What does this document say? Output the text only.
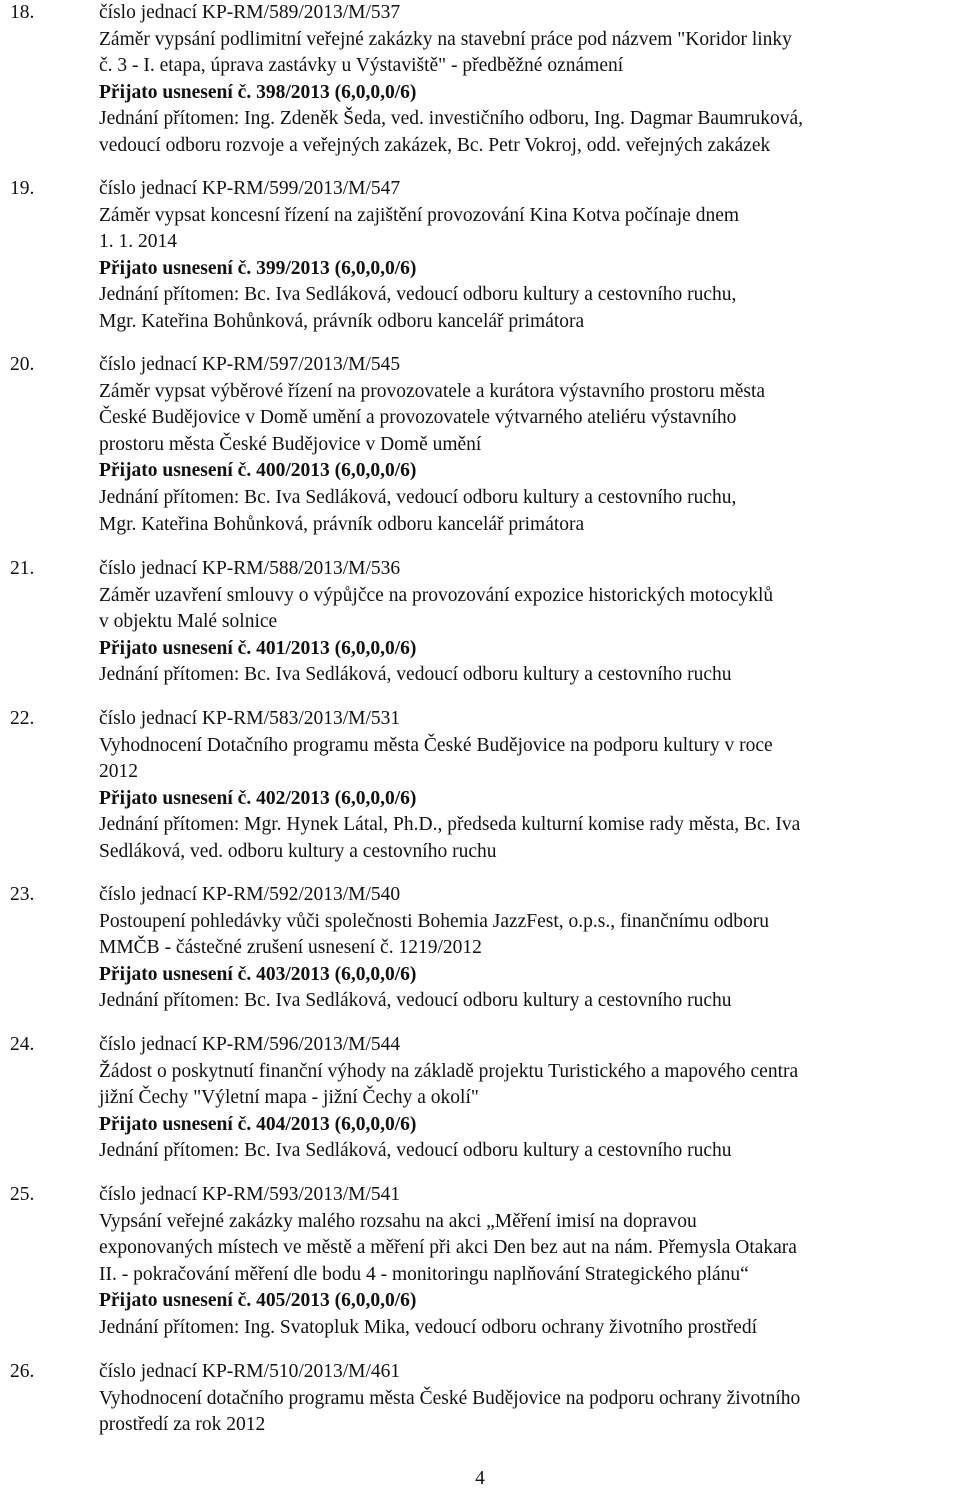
18.	číslo jednací KP-RM/589/2013/M/537
Záměr vypsání podlimitní veřejné zakázky na stavební práce pod názvem "Koridor linky
č. 3 - I. etapa, úprava zastávky u Výstaviště" - předběžné oznámení
Přijato usnesení č. 398/2013 (6,0,0,0/6)
Jednání přítomen: Ing. Zdeněk Šeda, ved. investičního odboru, Ing. Dagmar Baumruková,
vedoucí odboru rozvoje a veřejných zakázek, Bc. Petr Vokroj, odd. veřejných zakázek
19.	číslo jednací KP-RM/599/2013/M/547
Záměr vypsat koncesní řízení na zajištění provozování Kina Kotva počínaje dnem
1. 1. 2014
Přijato usnesení č. 399/2013 (6,0,0,0/6)
Jednání přítomen: Bc. Iva Sedláková, vedoucí odboru kultury a cestovního ruchu,
Mgr. Kateřina Bohůnková, právník odboru kancelář primátora
20.	číslo jednací KP-RM/597/2013/M/545
Záměr vypsat výběrové řízení na provozovatele a kurátora výstavního prostoru města
České Budějovice v Domě umění a provozovatele výtvarného ateliéru výstavního
prostoru města České Budějovice v Domě umění
Přijato usnesení č. 400/2013 (6,0,0,0/6)
Jednání přítomen: Bc. Iva Sedláková, vedoucí odboru kultury a cestovního ruchu,
Mgr. Kateřina Bohůnková, právník odboru kancelář primátora
21.	číslo jednací KP-RM/588/2013/M/536
Záměr uzavření smlouvy o výpůjčce na provozování expozice historických motocyklů
v objektu Malé solnice
Přijato usnesení č. 401/2013 (6,0,0,0/6)
Jednání přítomen: Bc. Iva Sedláková, vedoucí odboru kultury a cestovního ruchu
22.	číslo jednací KP-RM/583/2013/M/531
Vyhodnocení Dotačního programu města České Budějovice na podporu kultury v roce
2012
Přijato usnesení č. 402/2013 (6,0,0,0/6)
Jednání přítomen: Mgr. Hynek Látal, Ph.D., předseda kulturní komise rady města, Bc. Iva
Sedláková, ved. odboru kultury a cestovního ruchu
23.	číslo jednací KP-RM/592/2013/M/540
Postoupení pohledávky vůči společnosti Bohemia JazzFest, o.p.s., finančnímu odboru
MMČB - částečné zrušení usnesení č. 1219/2012
Přijato usnesení č. 403/2013 (6,0,0,0/6)
Jednání přítomen: Bc. Iva Sedláková, vedoucí odboru kultury a cestovního ruchu
24.	číslo jednací KP-RM/596/2013/M/544
Žádost o poskytnutí finanční výhody na základě projektu Turistického a mapového centra
jižní Čechy "Výletní mapa - jižní Čechy a okolí"
Přijato usnesení č. 404/2013 (6,0,0,0/6)
Jednání přítomen: Bc. Iva Sedláková, vedoucí odboru kultury a cestovního ruchu
25.	číslo jednací KP-RM/593/2013/M/541
Vypsání veřejné zakázky malého rozsahu na akci „Měření imisí na dopravou
exponovaných místech ve městě a měření při akci Den bez aut na nám. Přemysla Otakara
II. - pokračování měření dle bodu 4 - monitoringu naplňování Strategického plánu“
Přijato usnesení č. 405/2013 (6,0,0,0/6)
Jednání přítomen: Ing. Svatopluk Mika, vedoucí odboru ochrany životního prostředí
26.	číslo jednací KP-RM/510/2013/M/461
Vyhodnocení dotačního programu města České Budějovice na podporu ochrany životního
prostředí za rok 2012
4
